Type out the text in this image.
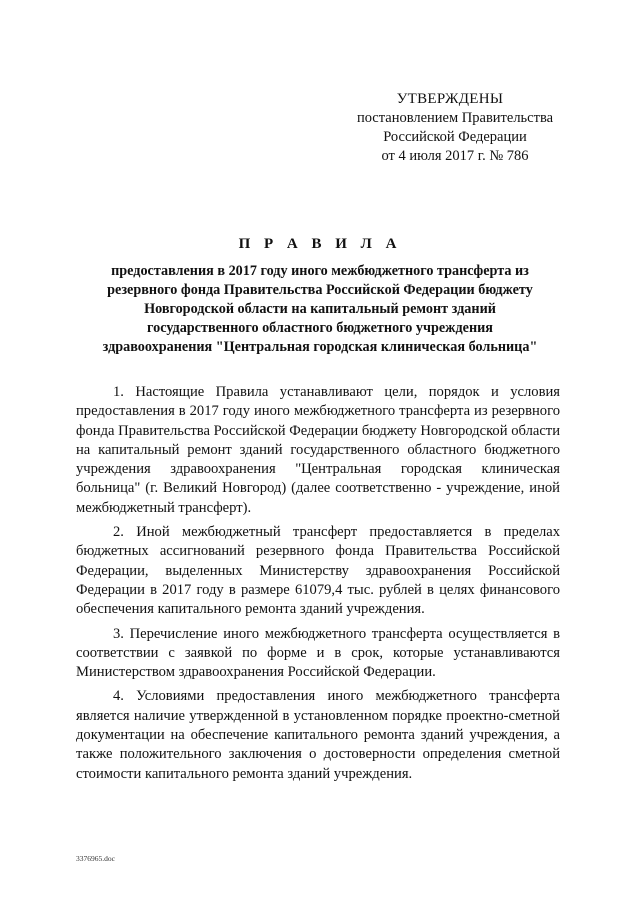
УТВЕРЖДЕНЫ
постановлением Правительства
Российской Федерации
от 4 июля 2017 г. № 786
П Р А В И Л А
предоставления в 2017 году иного межбюджетного трансферта из
резервного фонда Правительства Российской Федерации бюджету
Новгородской области на капитальный ремонт зданий
государственного областного бюджетного учреждения
здравоохранения "Центральная городская клиническая больница"

1. Настоящие Правила устанавливают цели, порядок и условия предоставления в 2017 году иного межбюджетного трансферта из резервного фонда Правительства Российской Федерации бюджету Новгородской области на капитальный ремонт зданий государственного областного бюджетного учреждения здравоохранения "Центральная городская клиническая больница" (г. Великий Новгород) (далее соответственно - учреждение, иной межбюджетный трансферт).

2. Иной межбюджетный трансферт предоставляется в пределах бюджетных ассигнований резервного фонда Правительства Российской Федерации, выделенных Министерству здравоохранения Российской Федерации в 2017 году в размере 61079,4 тыс. рублей в целях финансового обеспечения капитального ремонта зданий учреждения.

3. Перечисление иного межбюджетного трансферта осуществляется в соответствии с заявкой по форме и в срок, которые устанавливаются Министерством здравоохранения Российской Федерации.

4. Условиями предоставления иного межбюджетного трансферта является наличие утвержденной в установленном порядке проектно-сметной документации на обеспечение капитального ремонта зданий учреждения, а также положительного заключения о достоверности определения сметной стоимости капитального ремонта зданий учреждения.

3376965.doc
